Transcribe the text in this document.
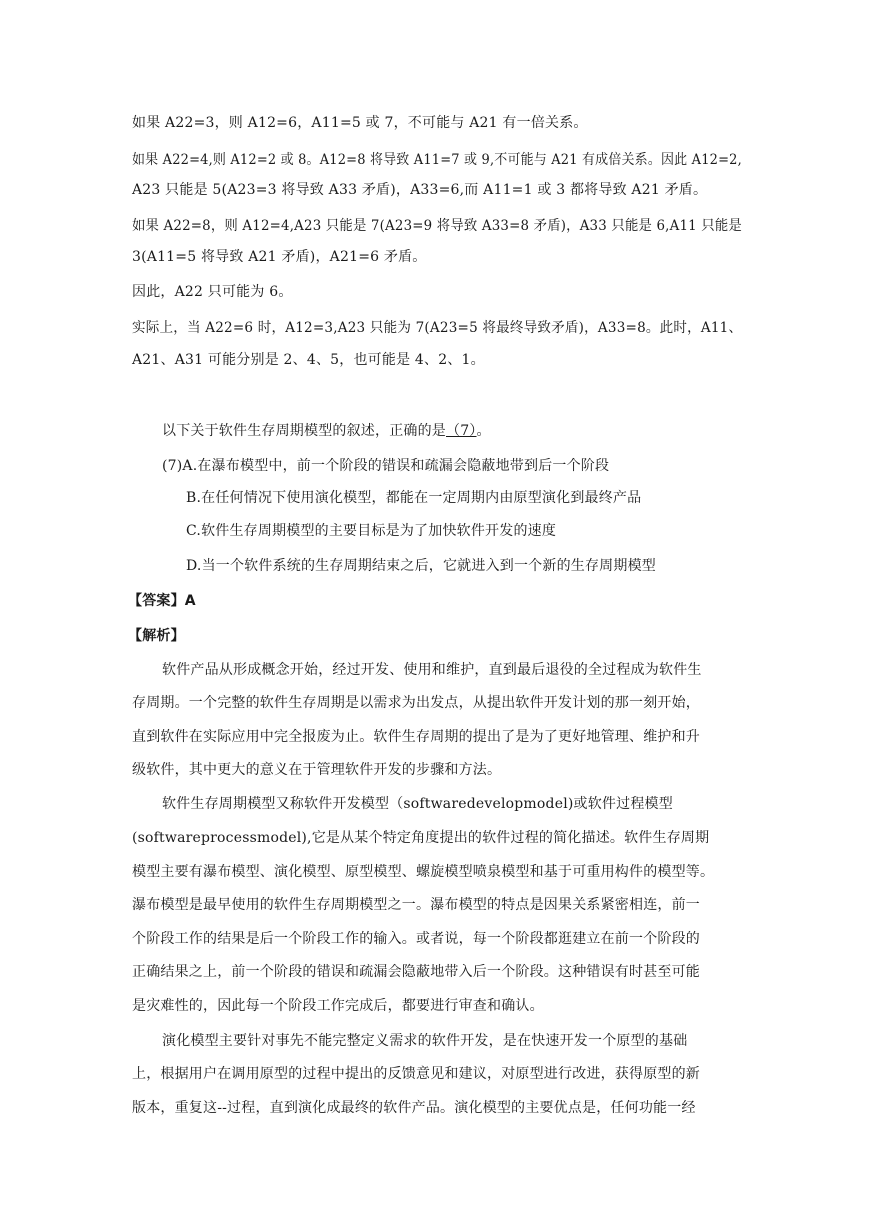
如果 A22=3，则 A12=6，A11=5 或 7，不可能与 A21 有一倍关系。
如果 A22=4,则 A12=2 或 8。A12=8 将导致 A11=7 或 9,不可能与 A21 有成倍关系。因此 A12=2,
A23 只能是 5(A23=3 将导致 A33 矛盾)，A33=6,而 A11=1 或 3 都将导致 A21 矛盾。
如果 A22=8，则 A12=4,A23 只能是 7(A23=9 将导致 A33=8 矛盾)，A33 只能是 6,A11 只能是
3(A11=5 将导致 A21 矛盾)，A21=6 矛盾。
因此，A22 只可能为 6。
实际上，当 A22=6 时，A12=3,A23 只能为 7(A23=5 将最终导致矛盾)，A33=8。此时，A11、
A21、A31 可能分别是 2、4、5，也可能是 4、2、1。
以下关于软件生存周期模型的叙述，正确的是（7）。
(7)A.在瀑布模型中，前一个阶段的错误和疏漏会隐蔽地带到后一个阶段
B.在任何情况下使用演化模型，都能在一定周期内由原型演化到最终产品
C.软件生存周期模型的主要目标是为了加快软件开发的速度
D.当一个软件系统的生存周期结束之后，它就进入到一个新的生存周期模型
【答案】A
【解析】
软件产品从形成概念开始，经过开发、使用和维护，直到最后退役的全过程成为软件生
存周期。一个完整的软件生存周期是以需求为出发点，从提出软件开发计划的那一刻开始，
直到软件在实际应用中完全报废为止。软件生存周期的提出了是为了更好地管理、维护和升
级软件，其中更大的意义在于管理软件开发的步骤和方法。
软件生存周期模型又称软件开发模型（softwaredevelopmodel)或软件过程模型
(softwareprocessmodel),它是从某个特定角度提出的软件过程的简化描述。软件生存周期
模型主要有瀑布模型、演化模型、原型模型、螺旋模型喷泉模型和基于可重用构件的模型等。
瀑布模型是最早使用的软件生存周期模型之一。瀑布模型的特点是因果关系紧密相连，前一
个阶段工作的结果是后一个阶段工作的输入。或者说，每一个阶段都逛建立在前一个阶段的
正确结果之上，前一个阶段的错误和疏漏会隐蔽地带入后一个阶段。这种错误有时甚至可能
是灾难性的，因此每一个阶段工作完成后，都要进行审查和确认。
演化模型主要针对事先不能完整定义需求的软件开发，是在快速开发一个原型的基础
上，根据用户在调用原型的过程中提出的反馈意见和建议，对原型进行改进，获得原型的新
版本，重复这--过程，直到演化成最终的软件产品。演化模型的主要优点是，任何功能一经
